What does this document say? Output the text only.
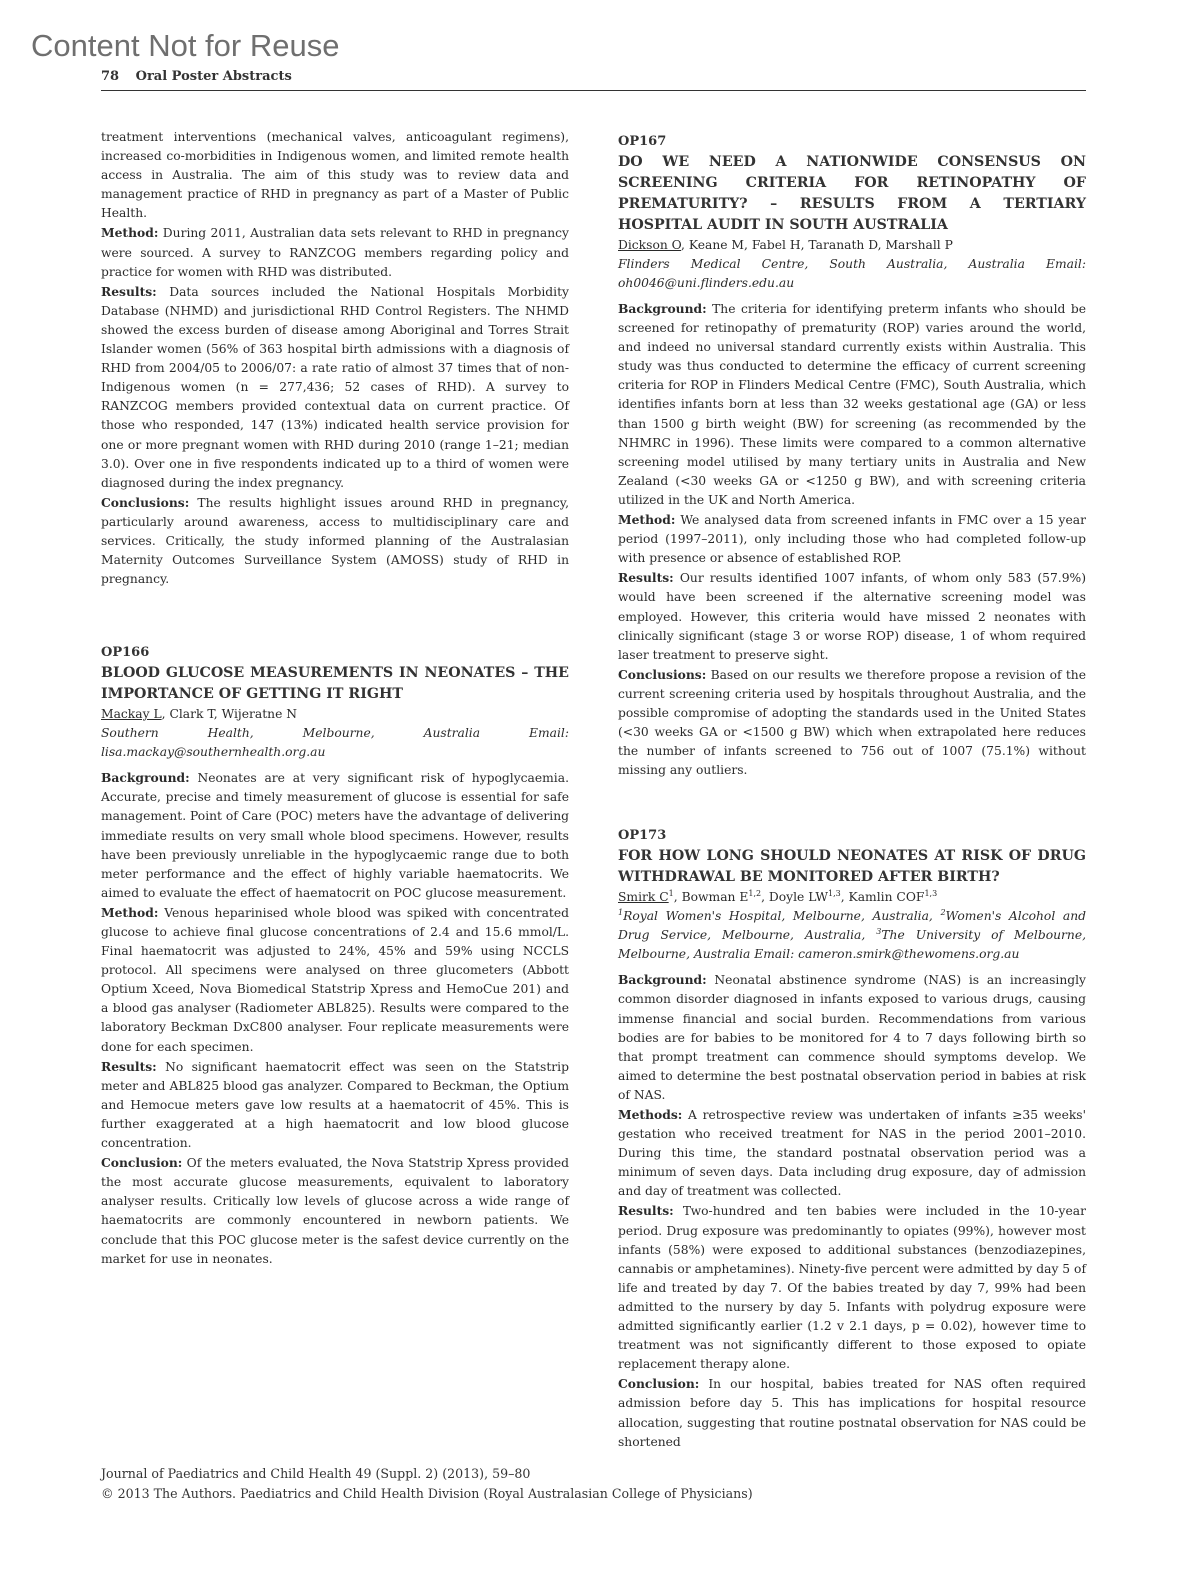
Content Not for Reuse
78 Oral Poster Abstracts

treatment interventions (mechanical valves, anticoagulant regimens), increased co-morbidities in Indigenous women, and limited remote health access in Australia. The aim of this study was to review data and management practice of RHD in pregnancy as part of a Master of Public Health.

Method: During 2011, Australian data sets relevant to RHD in pregnancy were sourced. A survey to RANZCOG members regarding policy and practice for women with RHD was distributed.

Results: Data sources included the National Hospitals Morbidity Database (NHMD) and jurisdictional RHD Control Registers. The NHMD showed the excess burden of disease among Aboriginal and Torres Strait Islander women (56% of 363 hospital birth admissions with a diagnosis of RHD from 2004/05 to 2006/07: a rate ratio of almost 37 times that of non-Indigenous women (n = 277,436; 52 cases of RHD). A survey to RANZCOG members provided contextual data on current practice. Of those who responded, 147 (13%) indicated health service provision for one or more pregnant women with RHD during 2010 (range 1–21; median 3.0). Over one in five respondents indicated up to a third of women were diagnosed during the index pregnancy.

Conclusions: The results highlight issues around RHD in pregnancy, particularly around awareness, access to multidisciplinary care and services. Critically, the study informed planning of the Australasian Maternity Outcomes Surveillance System (AMOSS) study of RHD in pregnancy.

OP166

BLOOD GLUCOSE MEASUREMENTS IN NEONATES – THE IMPORTANCE OF GETTING IT RIGHT

Mackay L, Clark T, Wijeratne N

Southern Health, Melbourne, Australia Email: lisa.mackay@southernhealth.org.au

Background: Neonates are at very significant risk of hypoglycaemia. Accurate, precise and timely measurement of glucose is essential for safe management. Point of Care (POC) meters have the advantage of delivering immediate results on very small whole blood specimens. However, results have been previously unreliable in the hypoglycaemic range due to both meter performance and the effect of highly variable haematocrits. We aimed to evaluate the effect of haematocrit on POC glucose measurement.

Method: Venous heparinised whole blood was spiked with concentrated glucose to achieve final glucose concentrations of 2.4 and 15.6 mmol/L. Final haematocrit was adjusted to 24%, 45% and 59% using NCCLS protocol. All specimens were analysed on three glucometers (Abbott Optium Xceed, Nova Biomedical Statstrip Xpress and HemoCue 201) and a blood gas analyser (Radiometer ABL825). Results were compared to the laboratory Beckman DxC800 analyser. Four replicate measurements were done for each specimen.

Results: No significant haematocrit effect was seen on the Statstrip meter and ABL825 blood gas analyzer. Compared to Beckman, the Optium and Hemocue meters gave low results at a haematocrit of 45%. This is further exaggerated at a high haematocrit and low blood glucose concentration.

Conclusion: Of the meters evaluated, the Nova Statstrip Xpress provided the most accurate glucose measurements, equivalent to laboratory analyser results. Critically low levels of glucose across a wide range of haematocrits are commonly encountered in newborn patients. We conclude that this POC glucose meter is the safest device currently on the market for use in neonates.

OP167

DO WE NEED A NATIONWIDE CONSENSUS ON SCREENING CRITERIA FOR RETINOPATHY OF PREMATURITY? – RESULTS FROM A TERTIARY HOSPITAL AUDIT IN SOUTH AUSTRALIA

Dickson O, Keane M, Fabel H, Taranath D, Marshall P

Flinders Medical Centre, South Australia, Australia Email: oh0046@uni.flinders.edu.au

Background: The criteria for identifying preterm infants who should be screened for retinopathy of prematurity (ROP) varies around the world, and indeed no universal standard currently exists within Australia. This study was thus conducted to determine the efficacy of current screening criteria for ROP in Flinders Medical Centre (FMC), South Australia, which identifies infants born at less than 32 weeks gestational age (GA) or less than 1500 g birth weight (BW) for screening (as recommended by the NHMRC in 1996). These limits were compared to a common alternative screening model utilised by many tertiary units in Australia and New Zealand (<30 weeks GA or <1250 g BW), and with screening criteria utilized in the UK and North America.

Method: We analysed data from screened infants in FMC over a 15 year period (1997–2011), only including those who had completed follow-up with presence or absence of established ROP.

Results: Our results identified 1007 infants, of whom only 583 (57.9%) would have been screened if the alternative screening model was employed. However, this criteria would have missed 2 neonates with clinically significant (stage 3 or worse ROP) disease, 1 of whom required laser treatment to preserve sight.

Conclusions: Based on our results we therefore propose a revision of the current screening criteria used by hospitals throughout Australia, and the possible compromise of adopting the standards used in the United States (<30 weeks GA or <1500 g BW) which when extrapolated here reduces the number of infants screened to 756 out of 1007 (75.1%) without missing any outliers.

OP173

FOR HOW LONG SHOULD NEONATES AT RISK OF DRUG WITHDRAWAL BE MONITORED AFTER BIRTH?

Smirk $C^1$, Bowman E$^{1,2}$, Doyle LW$^{1,3}$, Kamlin COF$^{1,3}$

$^1$Royal Women's Hospital, Melbourne, Australia, $^2$Women's Alcohol and Drug Service, Melbourne, Australia, $^3$The University of Melbourne, Melbourne, Australia Email: cameron.smirk@thewomens.org.au

Background: Neonatal abstinence syndrome (NAS) is an increasingly common disorder diagnosed in infants exposed to various drugs, causing immense financial and social burden. Recommendations from various bodies are for babies to be monitored for 4 to 7 days following birth so that prompt treatment can commence should symptoms develop. We aimed to determine the best postnatal observation period in babies at risk of NAS.

Methods: A retrospective review was undertaken of infants ≥35 weeks' gestation who received treatment for NAS in the period 2001–2010. During this time, the standard postnatal observation period was a minimum of seven days. Data including drug exposure, day of admission and day of treatment was collected.

Results: Two-hundred and ten babies were included in the 10-year period. Drug exposure was predominantly to opiates (99%), however most infants (58%) were exposed to additional substances (benzodiazepines, cannabis or amphetamines). Ninety-five percent were admitted by day 5 of life and treated by day 7. Of the babies treated by day 7, 99% had been admitted to the nursery by day 5. Infants with polydrug exposure were admitted significantly earlier (1.2 v 2.1 days, p = 0.02), however time to treatment was not significantly different to those exposed to opiate replacement therapy alone.

Conclusion: In our hospital, babies treated for NAS often required admission before day 5. This has implications for hospital resource allocation, suggesting that routine postnatal observation for NAS could be shortened

Journal of Paediatrics and Child Health 49 (Suppl. 2) (2013), 59–80
© 2013 The Authors. Paediatrics and Child Health Division (Royal Australasian College of Physicians)
